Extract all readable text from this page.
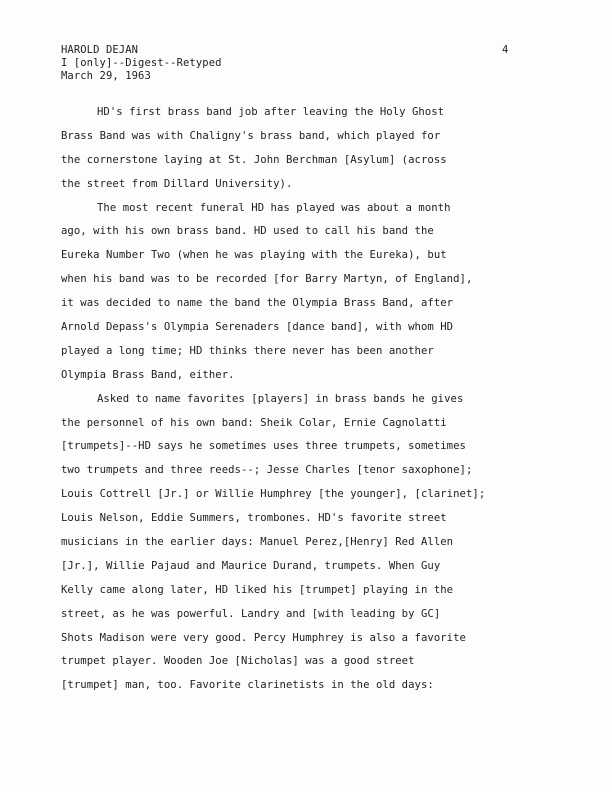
HAROLD DEJAN
I [only]--Digest--Retyped
March 29, 1963
4
HD's first brass band job after leaving the Holy Ghost
Brass Band was with Chaligny's brass band, which played for
the cornerstone laying at St. John Berchman [Asylum] (across
the street from Dillard University).
The most recent funeral HD has played was about a month
ago, with his own brass band. HD used to call his band the
Eureka Number Two (when he was playing with the Eureka), but
when his band was to be recorded [for Barry Martyn, of England],
it was decided to name the band the Olympia Brass Band, after
Arnold Depass's Olympia Serenaders [dance band], with whom HD
played a long time; HD thinks there never has been another
Olympia Brass Band, either.
Asked to name favorites [players] in brass bands he gives
the personnel of his own band: Sheik Colar, Ernie Cagnolatti
[trumpets]--HD says he sometimes uses three trumpets, sometimes
two trumpets and three reeds--; Jesse Charles [tenor saxophone];
Louis Cottrell [Jr.] or Willie Humphrey [the younger], [clarinet];
Louis Nelson, Eddie Summers, trombones. HD's favorite street
musicians in the earlier days: Manuel Perez,[Henry] Red Allen
[Jr.], Willie Pajaud and Maurice Durand, trumpets. When Guy
Kelly came along later, HD liked his [trumpet] playing in the
street, as he was powerful. Landry and [with leading by GC]
Shots Madison were very good. Percy Humphrey is also a favorite
trumpet player. Wooden Joe [Nicholas] was a good street
[trumpet] man, too. Favorite clarinetists in the old days:
